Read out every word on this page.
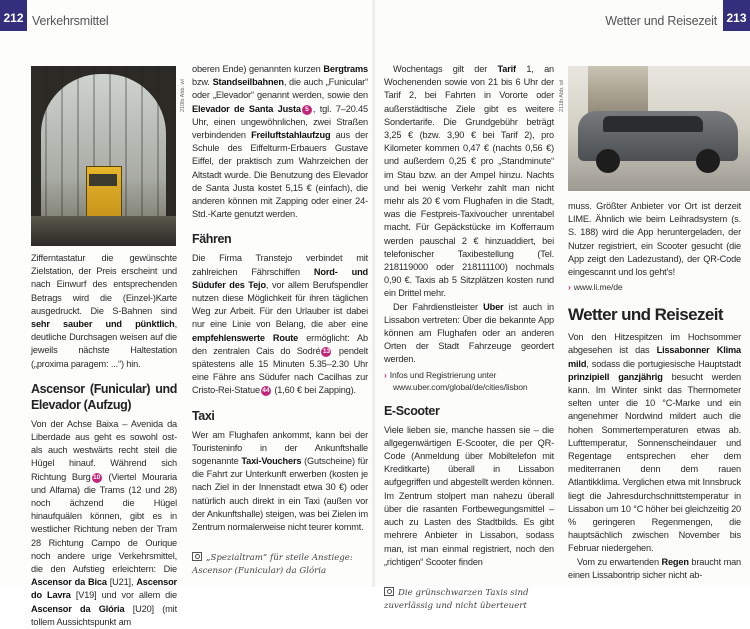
212 Verkehrsmittel
210lb Abb. wl

Zifferntastatur die gewünschte Zielstation, der Preis erscheint und nach Einwurf des entsprechenden Betrags wird die (Einzel-)Karte ausgedruckt. Die S-Bahnen sind sehr sauber und pünktlich, deutliche Durchsagen weisen auf die jeweils nächste Haltestation („proxima paragem: ...“) hin.

Ascensor (Funicular) und Elevador (Aufzug)

Von der Achse Baixa – Avenida da Liberdade aus geht es sowohl ost- als auch westwärts recht steil die Hügel hinauf. Während sich Richtung Burg 10 (Viertel Mouraria und Alfama) die Trams (12 und 28) noch ächzend die Hügel hinaufquälen können, gibt es in westlicher Richtung neben der Tram 28 Richtung Campo de Ourique noch andere urige Verkehrsmittel, die den Aufstieg erleichtern: Die Ascensor da Bica [U21], Ascensor do Lavra [V19] und vor allem die Ascensor da Glória [U20] (mit tollem Aussichtspunkt am

oberen Ende) genannten kurzen Bergtrams bzw. Standseilbahnen, die auch „Funicular“ oder „Elevador“ genannt werden, sowie den Elevador de Santa Justa 5 , tgl. 7–20.45 Uhr, einen ungewöhnlichen, zwei Straßen verbindenden Freiluftstahlaufzug aus der Schule des Eiffelturm-Erbauers Gustave Eiffel, der praktisch zum Wahrzeichen der Altstadt wurde. Die Benutzung des Elevador de Santa Justa kostet 5,15 € (einfach), die anderen können mit Zapping oder einer 24-Std.-Karte genutzt werden.

Fähren

Die Firma Transtejo verbindet mit zahlreichen Fährschiffen Nord- und Südufer des Tejo, vor allem Berufspendler nutzen diese Möglichkeit für ihren täglichen Weg zur Arbeit. Für den Urlauber ist dabei nur eine Linie von Belang, die aber eine empfehlenswerte Route ermöglicht: Ab den zentralen Cais do Sodré 13 pendelt spätestens alle 15 Minuten 5.35–2.30 Uhr eine Fähre ans Südufer nach Cacilhas zur Cristo-Rei-Statue 44 (1,60 € bei Zapping).

Taxi

Wer am Flughafen ankommt, kann bei der Touristeninfo in der Ankunftshalle sogenannte Taxi-Vouchers (Gutscheine) für die Fahrt zur Unterkunft erwerben (kosten je nach Ziel in der Innenstadt etwa 30 €) oder natürlich auch direkt in ein Taxi (außen vor der Ankunftshalle) steigen, was bei Zielen im Zentrum normalerweise nicht teurer kommt.

„Spezialtram“ für steile Anstiege: Ascensor (Funicular) da Glória
Wetter und Reisezeit 213

Wochentags gilt der Tarif 1, an Wochenenden sowie von 21 bis 6 Uhr der Tarif 2, bei Fahrten in Vororte oder außerstädtische Ziele gibt es weitere Sondertarife. Die Grundgebühr beträgt 3,25 € (bzw. 3,90 € bei Tarif 2), pro Kilometer kommen 0,47 € (nachts 0,56 €) und außerdem 0,25 € pro „Standminute“ im Stau bzw. an der Ampel hinzu. Nachts und bei wenig Verkehr zahlt man nicht mehr als 20 € vom Flughafen in die Stadt, was die Festpreis-Taxivoucher unrentabel macht. Für Gepäckstücke im Kofferraum werden pauschal 2 € hinzuaddiert, bei telefonischer Taxibestellung (Tel. 218119000 oder 218111100) nochmals 0,90 €. Taxis ab 5 Sitzplätzen kosten rund ein Drittel mehr.

Der Fahrdienstleister Uber ist auch in Lissabon vertreten: Über die bekannte App können am Flughafen oder an anderen Orten der Stadt Fahrzeuge geordert werden.

› Infos und Registrierung unter www.uber.com/global/de/cities/lisbon
E-Scooter

Viele lieben sie, manche hassen sie – die allgegenwärtigen E-Scooter, die per QR-Code (Anmeldung über Mobiltelefon mit Kreditkarte) überall in Lissabon aufgegriffen und abgestellt werden können. Im Zentrum stolpert man nahezu überall über die rasanten Fortbewegungsmittel – auch zu Lasten des Stadtbilds. Es gibt mehrere Anbieter in Lissabon, sodass man, ist man einmal registriert, noch den „richtigen“ Scooter finden

Die grünschwarzen Taxis sind zuverlässig und nicht überteuert
211lb Abb. wl

muss. Größter Anbieter vor Ort ist derzeit LIME. Ähnlich wie beim Leihradsystem (s. S. 188) wird die App heruntergeladen, der Nutzer registriert, ein Scooter gesucht (die App zeigt den Ladezustand), der QR-Code eingescannt und los geht's!

› www.li.me/de
Wetter und Reisezeit

Von den Hitzespitzen im Hochsommer abgesehen ist das Lissabonner Klima mild, sodass die portugiesische Hauptstadt prinzipiell ganzjährig besucht werden kann. Im Winter sinkt das Thermometer selten unter die 10 °C-Marke und ein angenehmer Nordwind mildert auch die hohen Sommertemperaturen etwas ab. Lufttemperatur, Sonnenscheindauer und Regentage entsprechen eher dem mediterranen denn dem rauen Atlantikklima. Verglichen etwa mit Innsbruck liegt die Jahresdurchschnittstemperatur in Lissabon um 10 °C höher bei gleichzeitig 20 % geringeren Regenmengen, die hauptsächlich zwischen November bis Februar niedergehen.

Vom zu erwartenden Regen braucht man einen Lissabontrip sicher nicht ab-
